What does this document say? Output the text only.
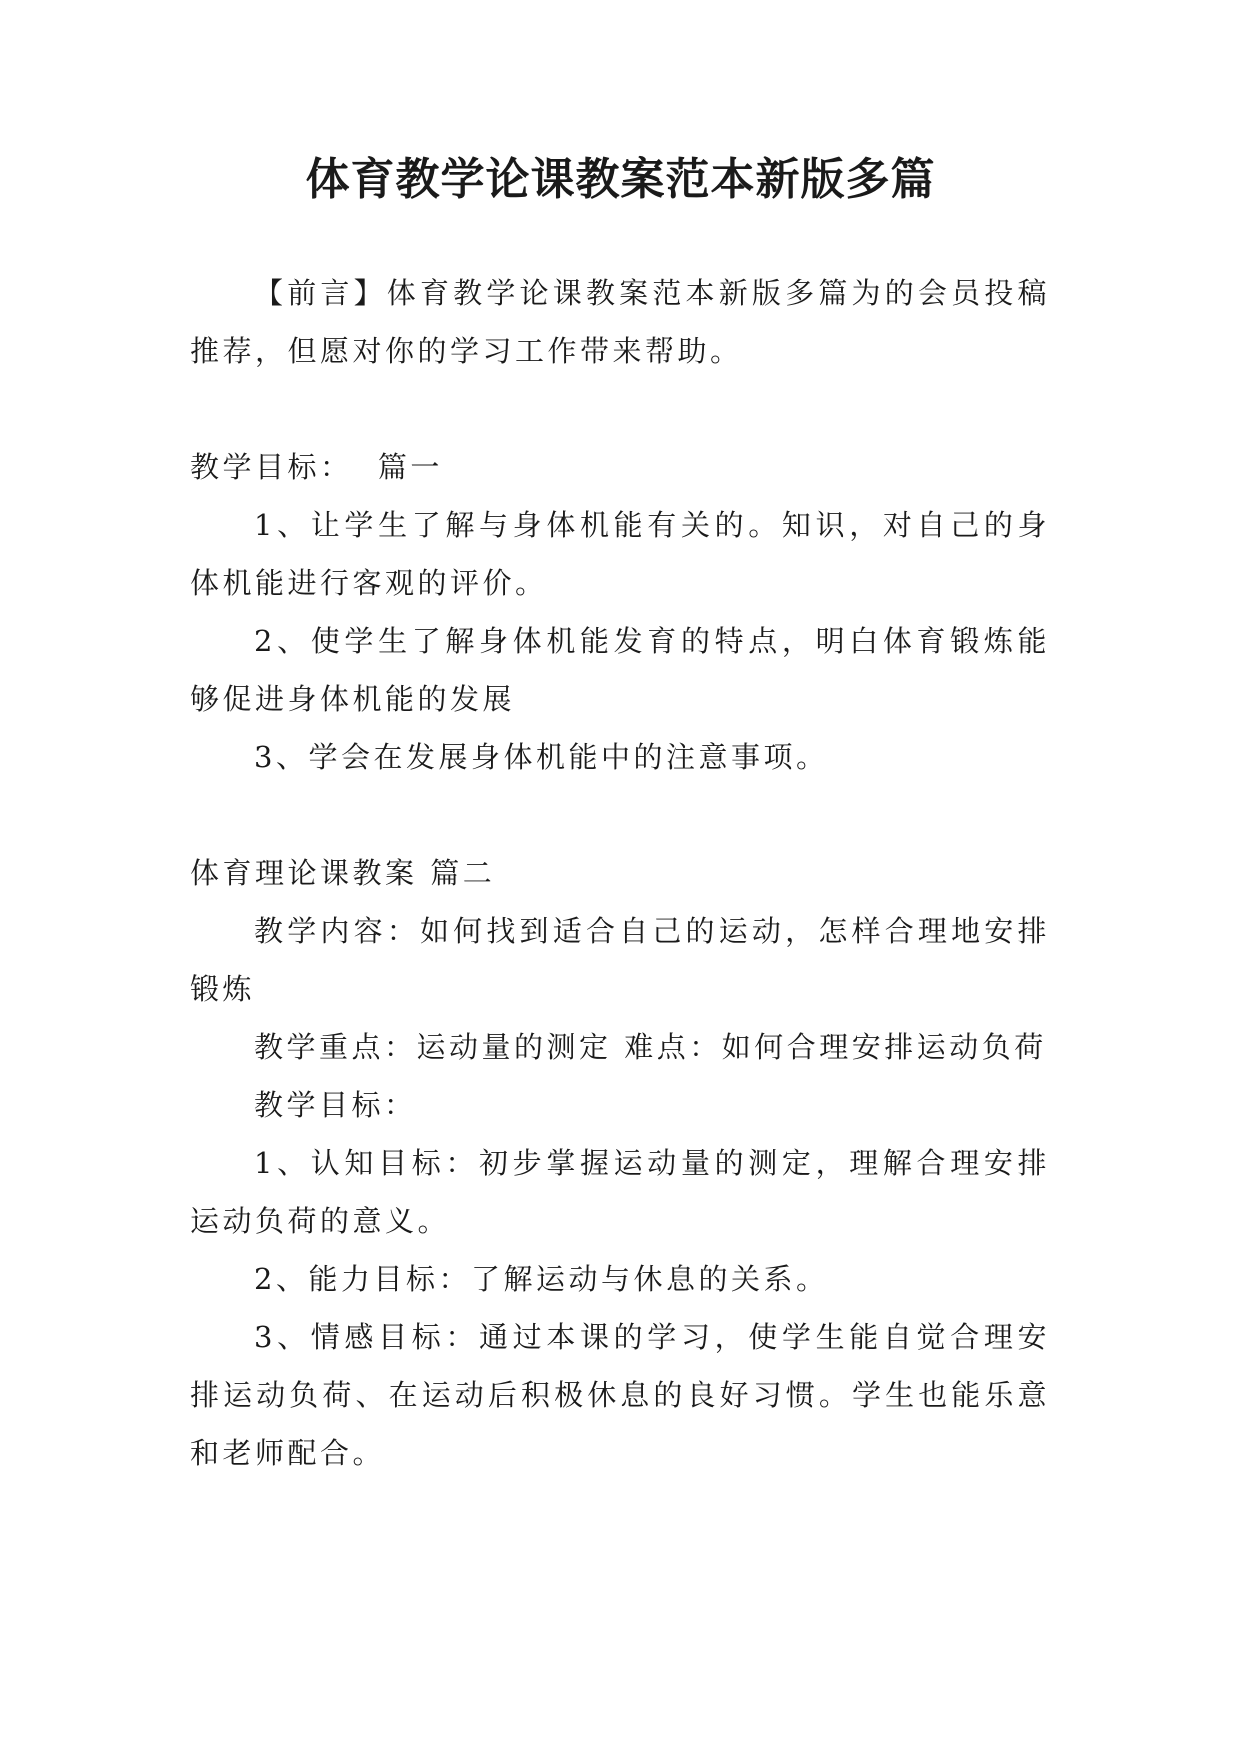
体育教学论课教案范本新版多篇

【前言】体育教学论课教案范本新版多篇为的会员投稿推荐，但愿对你的学习工作带来帮助。

教学目标：  篇一

1、让学生了解与身体机能有关的。知识，对自己的身体机能进行客观的评价。

2、使学生了解身体机能发育的特点，明白体育锻炼能够促进身体机能的发展

3、学会在发展身体机能中的注意事项。

体育理论课教案 篇二

教学内容：如何找到适合自己的运动，怎样合理地安排锻炼

教学重点：运动量的测定 难点：如何合理安排运动负荷

教学目标：

1、认知目标：初步掌握运动量的测定，理解合理安排运动负荷的意义。

2、能力目标：了解运动与休息的关系。

3、情感目标：通过本课的学习，使学生能自觉合理安排运动负荷、在运动后积极休息的良好习惯。学生也能乐意和老师配合。
